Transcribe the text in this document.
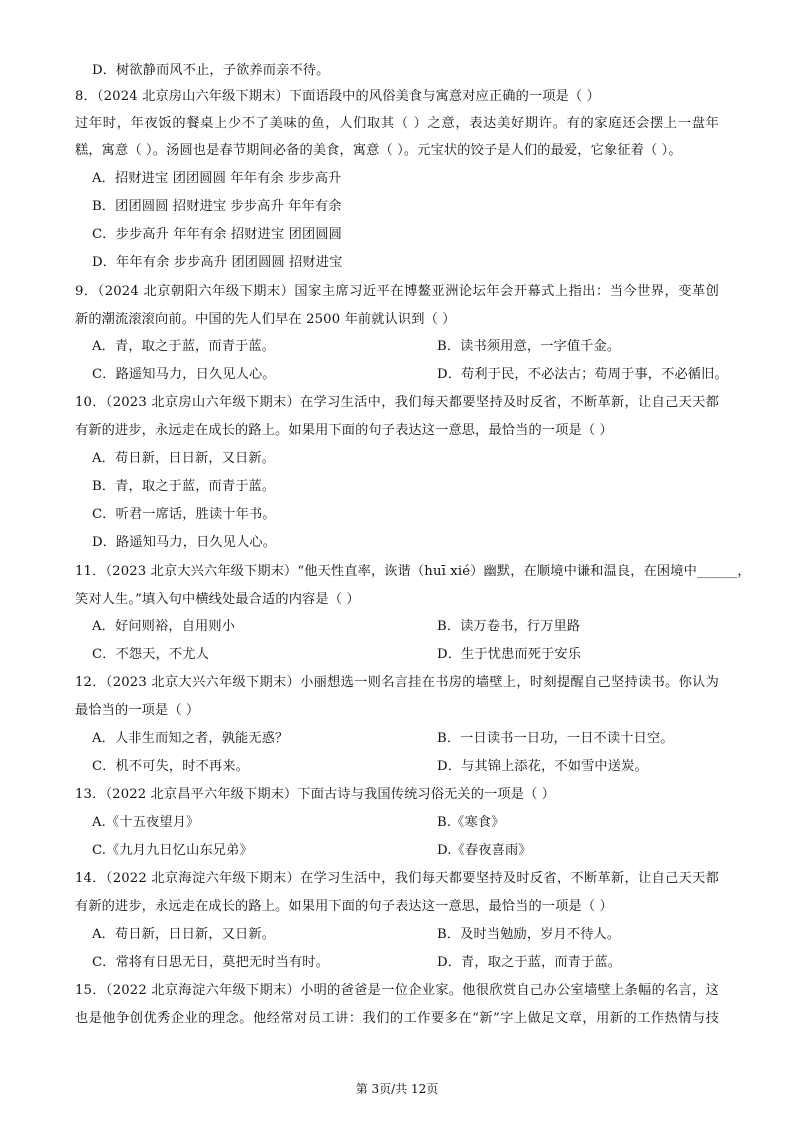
D．树欲静而风不止，子欲养而亲不待。
8．（2024 北京房山六年级下期末）下面语段中的风俗美食与寓意对应正确的一项是（ ）
过年时，年夜饭的餐桌上少不了美味的鱼，人们取其（ ）之意，表达美好期许。有的家庭还会摆上一盘年
糕，寓意（ ）。汤圆也是春节期间必备的美食，寓意（ ）。元宝状的饺子是人们的最爱，它象征着（ ）。
A．招财进宝 团团圆圆 年年有余 步步高升
B．团团圆圆 招财进宝 步步高升 年年有余
C．步步高升 年年有余 招财进宝 团团圆圆
D．年年有余 步步高升 团团圆圆 招财进宝
9．（2024 北京朝阳六年级下期末）国家主席习近平在博鳌亚洲论坛年会开幕式上指出：当今世界，变革创
新的潮流滚滚向前。中国的先人们早在 2500 年前就认识到（ ）
A．青，取之于蓝，而青于蓝。	B．读书须用意，一字值千金。
C．路遥知马力，日久见人心。	D．苟利于民，不必法古；苟周于事，不必循旧。
10．（2023 北京房山六年级下期末）在学习生活中，我们每天都要坚持及时反省，不断革新，让自己天天都
有新的进步，永远走在成长的路上。如果用下面的句子表达这一意思，最恰当的一项是（ ）
A．苟日新，日日新，又日新。
B．青，取之于蓝，而青于蓝。
C．听君一席话，胜读十年书。
D．路遥知马力，日久见人心。
11．（2023 北京大兴六年级下期末）“他天性直率，诙谐（huī xié）幽默，在顺境中谦和温良，在困境中______，
笑对人生。”填入句中横线处最合适的内容是（ ）
A．好问则裕，自用则小	B．读万卷书，行万里路
C．不怨天，不尤人	D．生于忧患而死于安乐
12．（2023 北京大兴六年级下期末）小丽想选一则名言挂在书房的墙壁上，时刻提醒自己坚持读书。你认为
最恰当的一项是（ ）
A．人非生而知之者，孰能无惑？	B．一日读书一日功，一日不读十日空。
C．机不可失，时不再来。	D．与其锦上添花，不如雪中送炭。
13．（2022 北京昌平六年级下期末）下面古诗与我国传统习俗无关的一项是（ ）
A.《十五夜望月》	B.《寒食》
C.《九月九日忆山东兄弟》	D.《春夜喜雨》
14．（2022 北京海淀六年级下期末）在学习生活中，我们每天都要坚持及时反省，不断革新，让自己天天都
有新的进步，永远走在成长的路上。如果用下面的句子表达这一意思，最恰当的一项是（ ）
A．苟日新，日日新，又日新。	B．及时当勉励，岁月不待人。
C．常将有日思无日，莫把无时当有时。	D．青，取之于蓝，而青于蓝。
15．（2022 北京海淀六年级下期末）小明的爸爸是一位企业家。他很欣赏自己办公室墙壁上条幅的名言，这
也是他争创优秀企业的理念。他经常对员工讲：我们的工作要多在“新”字上做足文章，用新的工作热情与技
第 3页/共 12页
